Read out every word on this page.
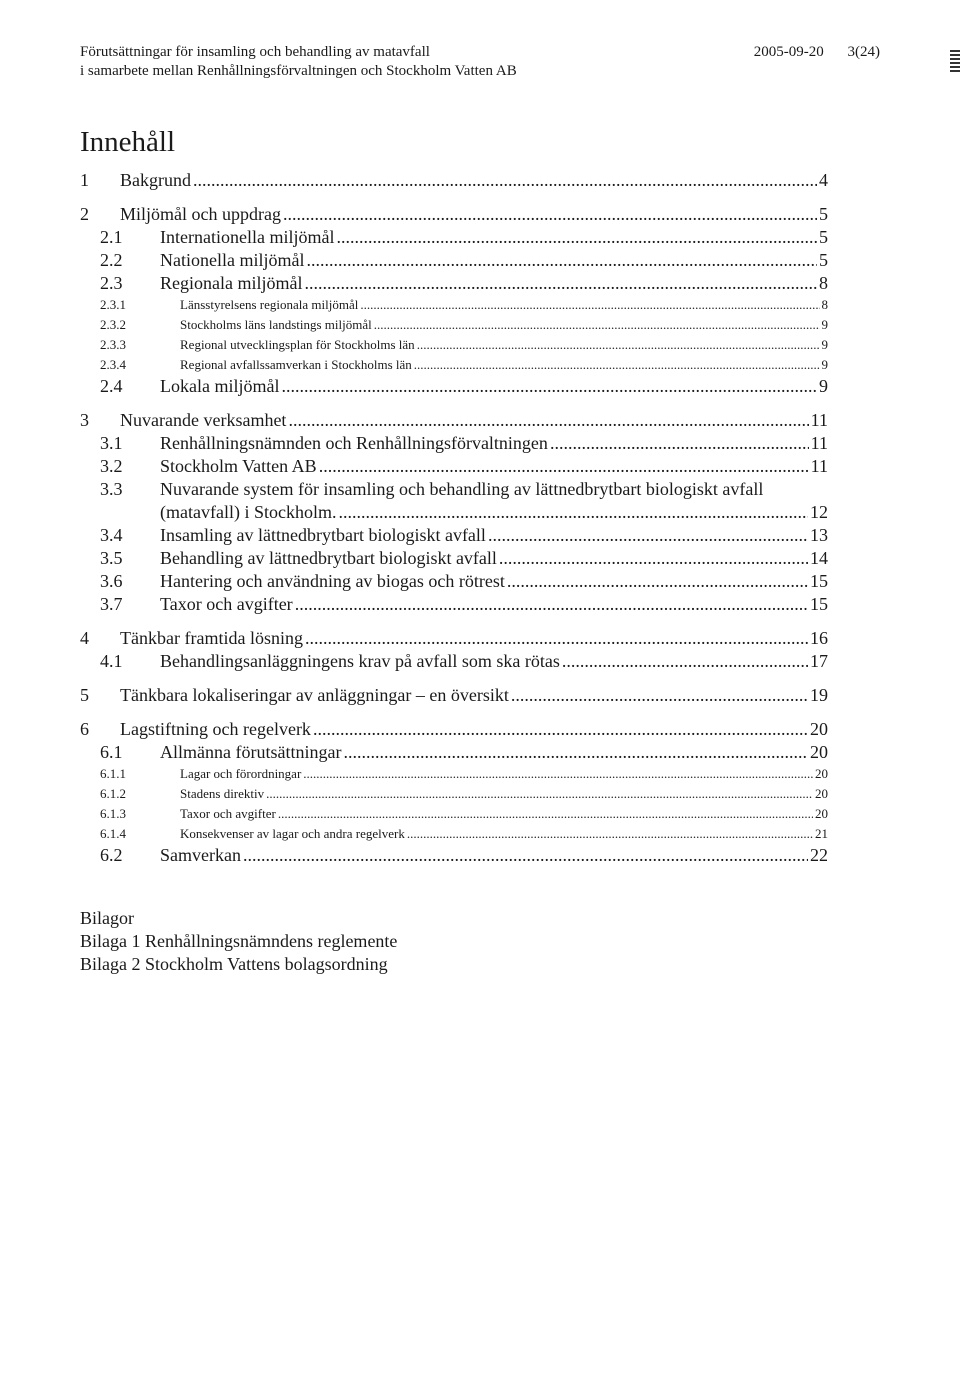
Förutsättningar för insamling och behandling av matavfall
i samarbete mellan Renhållningsförvaltningen och Stockholm Vatten AB
2005-09-20 3(24)
Innehåll
1	Bakgrund .....	4
2	Miljömål och uppdrag .....	5
2.1	Internationella miljömål .....	5
2.2	Nationella miljömål .....	5
2.3	Regionala miljömål .....	8
2.3.1	Länsstyrelsens regionala miljömål .....	8
2.3.2	Stockholms läns landstings miljömål .....	9
2.3.3	Regional utvecklingsplan för Stockholms län .....	9
2.3.4	Regional avfallssamverkan i Stockholms län .....	9
2.4	Lokala miljömål .....	9
3	Nuvarande verksamhet .....	11
3.1	Renhållningsnämnden och Renhållningsförvaltningen .....	11
3.2	Stockholm Vatten AB .....	11
3.3	Nuvarande system för insamling och behandling av lättnedbrytbart biologiskt avfall
(matavfall) i Stockholm. .....	12
3.4	Insamling av lättnedbrytbart biologiskt avfall .....	13
3.5	Behandling av lättnedbrytbart biologiskt avfall .....	14
3.6	Hantering och användning av biogas och rötrest .....	15
3.7	Taxor och avgifter .....	15
4	Tänkbar framtida lösning .....	16
4.1	Behandlingsanläggningens krav på avfall som ska rötas .....	17
5	Tänkbara lokaliseringar av anläggningar – en översikt .....	19
6	Lagstiftning och regelverk .....	20
6.1	Allmänna förutsättningar .....	20
6.1.1	Lagar och förordningar .....	20
6.1.2	Stadens direktiv .....	20
6.1.3	Taxor och avgifter .....	20
6.1.4	Konsekvenser av lagar och andra regelverk .....	21
6.2	Samverkan .....	22
Bilagor
Bilaga 1 Renhållningsnämndens reglemente
Bilaga 2 Stockholm Vattens bolagsordning
